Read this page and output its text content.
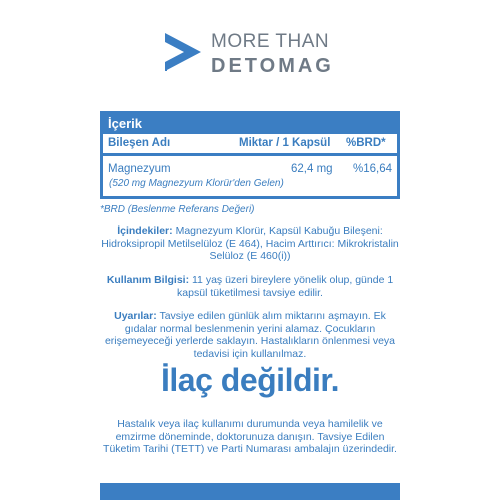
MORE THAN
DETOMAG
İçerik
Bileşen Adı	Miktar / 1 Kapsül %BRD*
Magnezyum	62,4 mg %16,64
(520 mg Magnezyum Klorür'den Gelen)
*BRD (Beslenme Referans Değeri)
İçindekiler: Magnezyum Klorür, Kapsül Kabuğu Bileşeni: Hidroksipropil Metilselüloz (E 464), Hacim Arttırıcı: Mikrokristalin Selüloz (E 460(i))
Kullanım Bilgisi: 11 yaş üzeri bireylere yönelik olup, günde 1 kapsül tüketilmesi tavsiye edilir.
Uyarılar: Tavsiye edilen günlük alım miktarını aşmayın. Ek gıdalar normal beslenmenin yerini alamaz. Çocukların erişemeyeceği yerlerde saklayın. Hastalıkların önlenmesi veya tedavisi için kullanılmaz.
İlaç değildir.
Hastalık veya ilaç kullanımı durumunda veya hamilelik ve emzirme döneminde, doktorunuza danışın. Tavsiye Edilen Tüketim Tarihi (TETT) ve Parti Numarası ambalajın üzerindedir.
